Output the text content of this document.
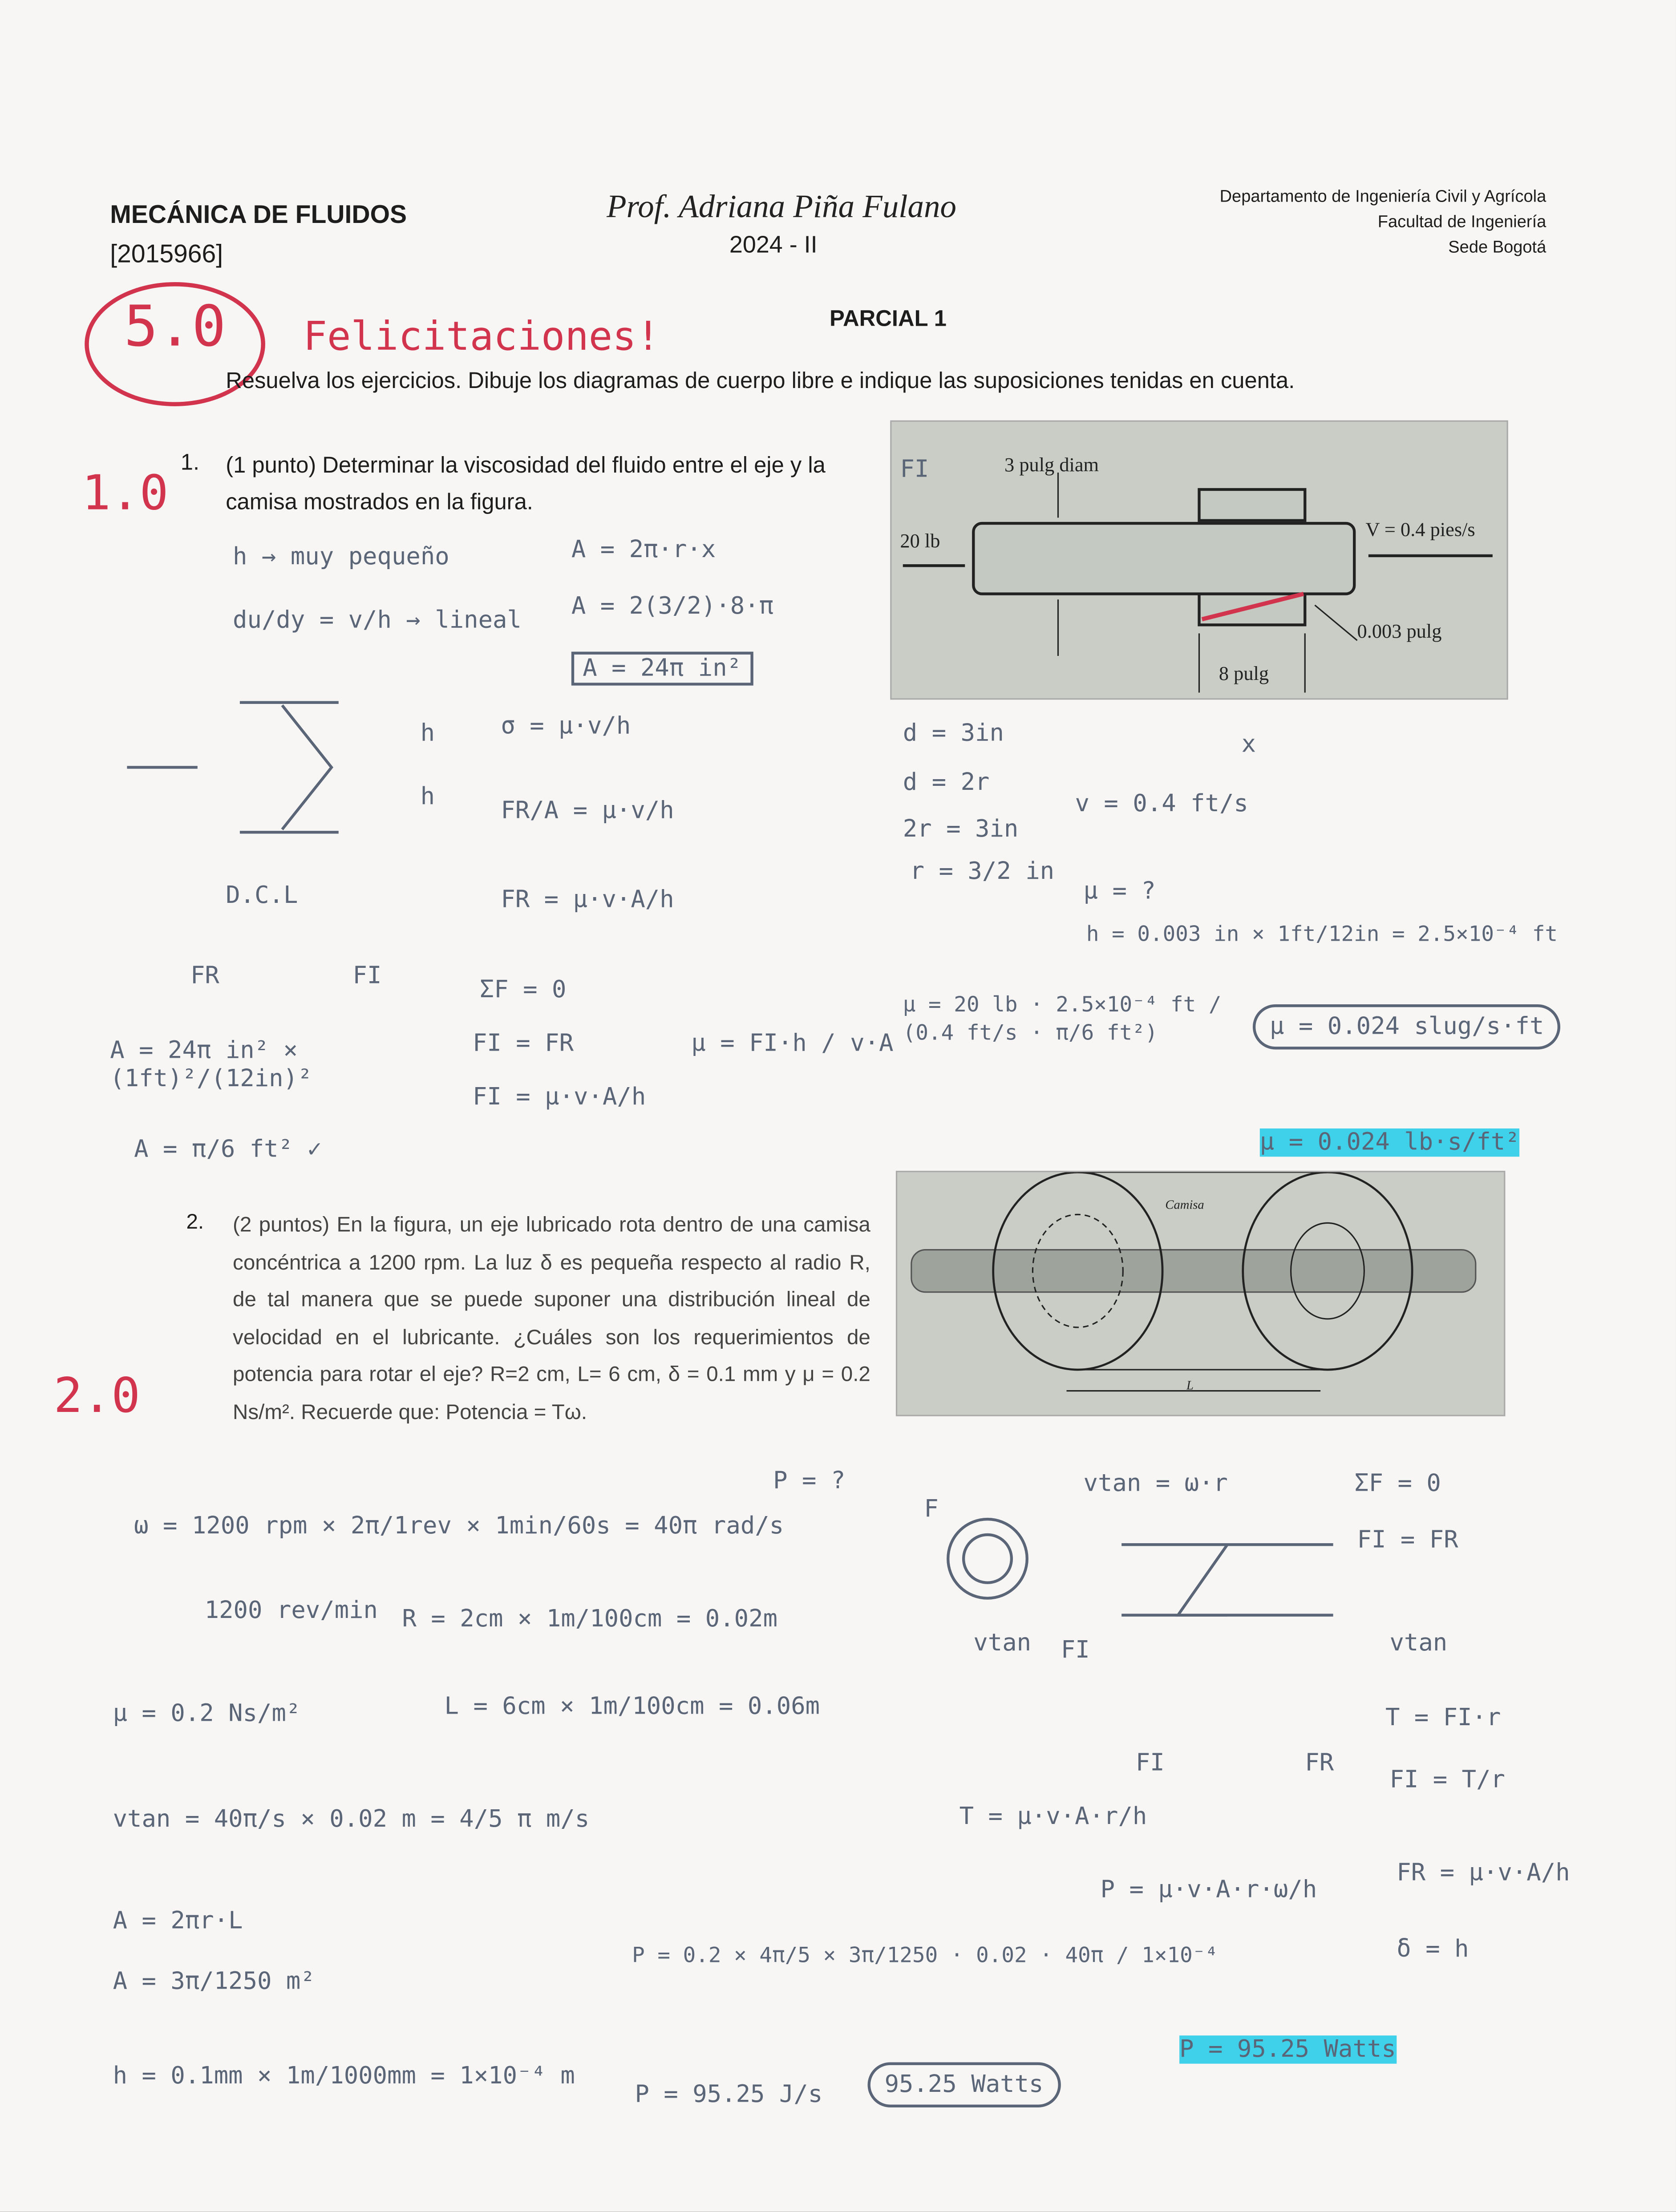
MECÁNICA DE FLUIDOS
[2015966]
Prof. Adriana Piña Fulano
2024 - II
Departamento de Ingeniería Civil y Agrícola
Facultad de Ingeniería
Sede Bogotá
PARCIAL 1
5.0	Felicitaciones!
Resuelva los ejercicios. Dibuje los diagramas de cuerpo libre e indique las suposiciones tenidas en cuenta.
1.0
1.	(1 punto) Determinar la viscosidad del fluido entre el eje y la camisa mostrados en la figura.
FI	3 pulg diam
20 lb
V = 0.4 pies/s
0.003 pulg
8 pulg
h → muy pequeño
du/dy = v/h → lineal
A = 2π·r·x
A = 2(3/2)·8·π
A = 24π in²
σ = μ·v/h
FR/A = μ·v/h
FR = μ·v·A/h
ΣF = 0
FI = FR
FI = μ·v·A/h
μ = FI·h / v·A
D.C.L
FR	FI
h
h
A = 24π in² × (1ft)²/(12in)²
A = π/6 ft² ✓
d = 3in
d = 2r
2r = 3in
r = 3/2 in
v = 0.4 ft/s
μ = ?
x
h = 0.003 in × 1ft/12in = 2.5×10⁻⁴ ft
μ = 20 lb · 2.5×10⁻⁴ ft / (0.4 ft/s · π/6 ft²)	μ = 0.024 slug/s·ft
μ = 0.024 lb·s/ft²
2.0
2.	(2 puntos) En la figura, un eje lubricado rota dentro de una camisa concéntrica a 1200 rpm. La luz δ es pequeña respecto al radio R, de tal manera que se puede suponer una distribución lineal de velocidad en el lubricante. ¿Cuáles son los requerimientos de potencia para rotar el eje? R=2 cm, L= 6 cm, δ = 0.1 mm y μ = 0.2 Ns/m². Recuerde que: Potencia = Tω.
Camisa
L
P = ?
ω = 1200 rpm × 2π/1rev × 1min/60s = 40π rad/s
1200 rev/min	R = 2cm × 1m/100cm = 0.02m
μ = 0.2 Ns/m²	L = 6cm × 1m/100cm = 0.06m
vtan = 40π/s × 0.02 m = 4/5 π m/s
A = 2πr·L
A = 3π/1250 m²
h = 0.1mm × 1m/1000mm = 1×10⁻⁴ m
P = 0.2 × 4π/5 × 3π/1250 · 0.02 · 40π / 1×10⁻⁴
P = 95.25 J/s	95.25 Watts
vtan = ω·r	ΣF = 0
FI = FR
T = FI·r
FI = T/r
FR = μ·v·A/h
δ = h
T = μ·v·A·r/h
P = μ·v·A·r·ω/h
P = 95.25 Watts
F
vtan	FI	vtan
FI	FR
